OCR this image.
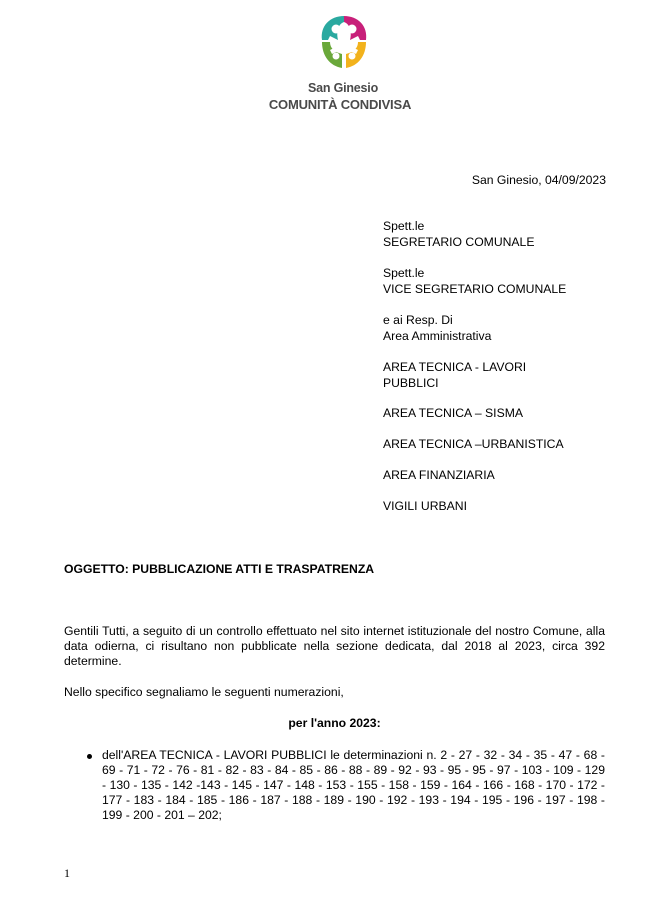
San Ginesio
COMUNITÀ CONDIVISA
San Ginesio, 04/09/2023
Spett.le
SEGRETARIO COMUNALE
Spett.le
VICE SEGRETARIO COMUNALE
e ai Resp. Di
Area Amministrativa
AREA TECNICA - LAVORI
PUBBLICI
AREA TECNICA – SISMA
AREA TECNICA –URBANISTICA
AREA FINANZIARIA
VIGILI URBANI
OGGETTO: PUBBLICAZIONE ATTI E TRASPATRENZA
Gentili Tutti, a seguito di un controllo effettuato nel sito internet istituzionale del nostro Comune, alla data odierna, ci risultano non pubblicate nella sezione dedicata, dal 2018 al 2023, circa 392 determine.
Nello specifico segnaliamo le seguenti numerazioni,
per l'anno 2023:
dell'AREA TECNICA - LAVORI PUBBLICI le determinazioni n. 2 - 27 - 32 - 34 - 35 - 47 - 68 - 69 - 71 - 72 - 76 - 81 - 82 - 83 - 84 - 85 - 86 - 88 - 89 - 92 - 93 - 95 - 95 - 97 - 103 - 109 - 129 - 130 - 135 - 142 -143 - 145 - 147 - 148 - 153 - 155 - 158 - 159 - 164 - 166 - 168 - 170 - 172 - 177 - 183 - 184 - 185 - 186 - 187 - 188 - 189 - 190 - 192 - 193 - 194 - 195 - 196 - 197 - 198 - 199 - 200 - 201 – 202;
1
